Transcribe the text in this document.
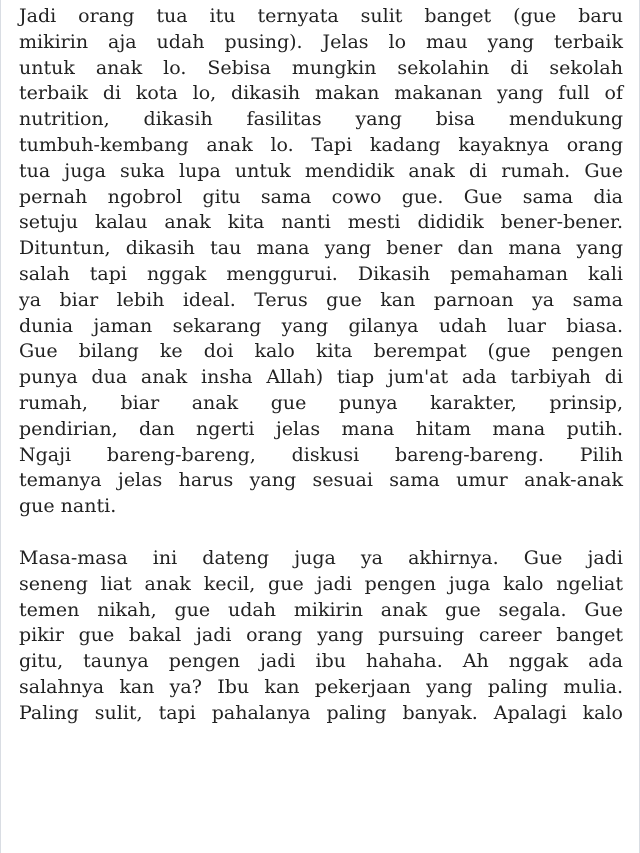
Jadi orang tua itu ternyata sulit banget (gue baru
mikirin aja udah pusing). Jelas lo mau yang terbaik
untuk anak lo. Sebisa mungkin sekolahin di sekolah
terbaik di kota lo, dikasih makan makanan yang full of
nutrition, dikasih fasilitas yang bisa mendukung
tumbuh-kembang anak lo. Tapi kadang kayaknya orang
tua juga suka lupa untuk mendidik anak di rumah. Gue
pernah ngobrol gitu sama cowo gue. Gue sama dia
setuju kalau anak kita nanti mesti dididik bener-bener.
Dituntun, dikasih tau mana yang bener dan mana yang
salah tapi nggak menggurui. Dikasih pemahaman kali
ya biar lebih ideal. Terus gue kan parnoan ya sama
dunia jaman sekarang yang gilanya udah luar biasa.
Gue bilang ke doi kalo kita berempat (gue pengen
punya dua anak insha Allah) tiap jum'at ada tarbiyah di
rumah, biar anak gue punya karakter, prinsip,
pendirian, dan ngerti jelas mana hitam mana putih.
Ngaji bareng-bareng, diskusi bareng-bareng. Pilih
temanya jelas harus yang sesuai sama umur anak-anak
gue nanti.
Masa-masa ini dateng juga ya akhirnya. Gue jadi
seneng liat anak kecil, gue jadi pengen juga kalo ngeliat
temen nikah, gue udah mikirin anak gue segala. Gue
pikir gue bakal jadi orang yang pursuing career banget
gitu, taunya pengen jadi ibu hahaha. Ah nggak ada
salahnya kan ya? Ibu kan pekerjaan yang paling mulia.
Paling sulit, tapi pahalanya paling banyak. Apalagi kalo
